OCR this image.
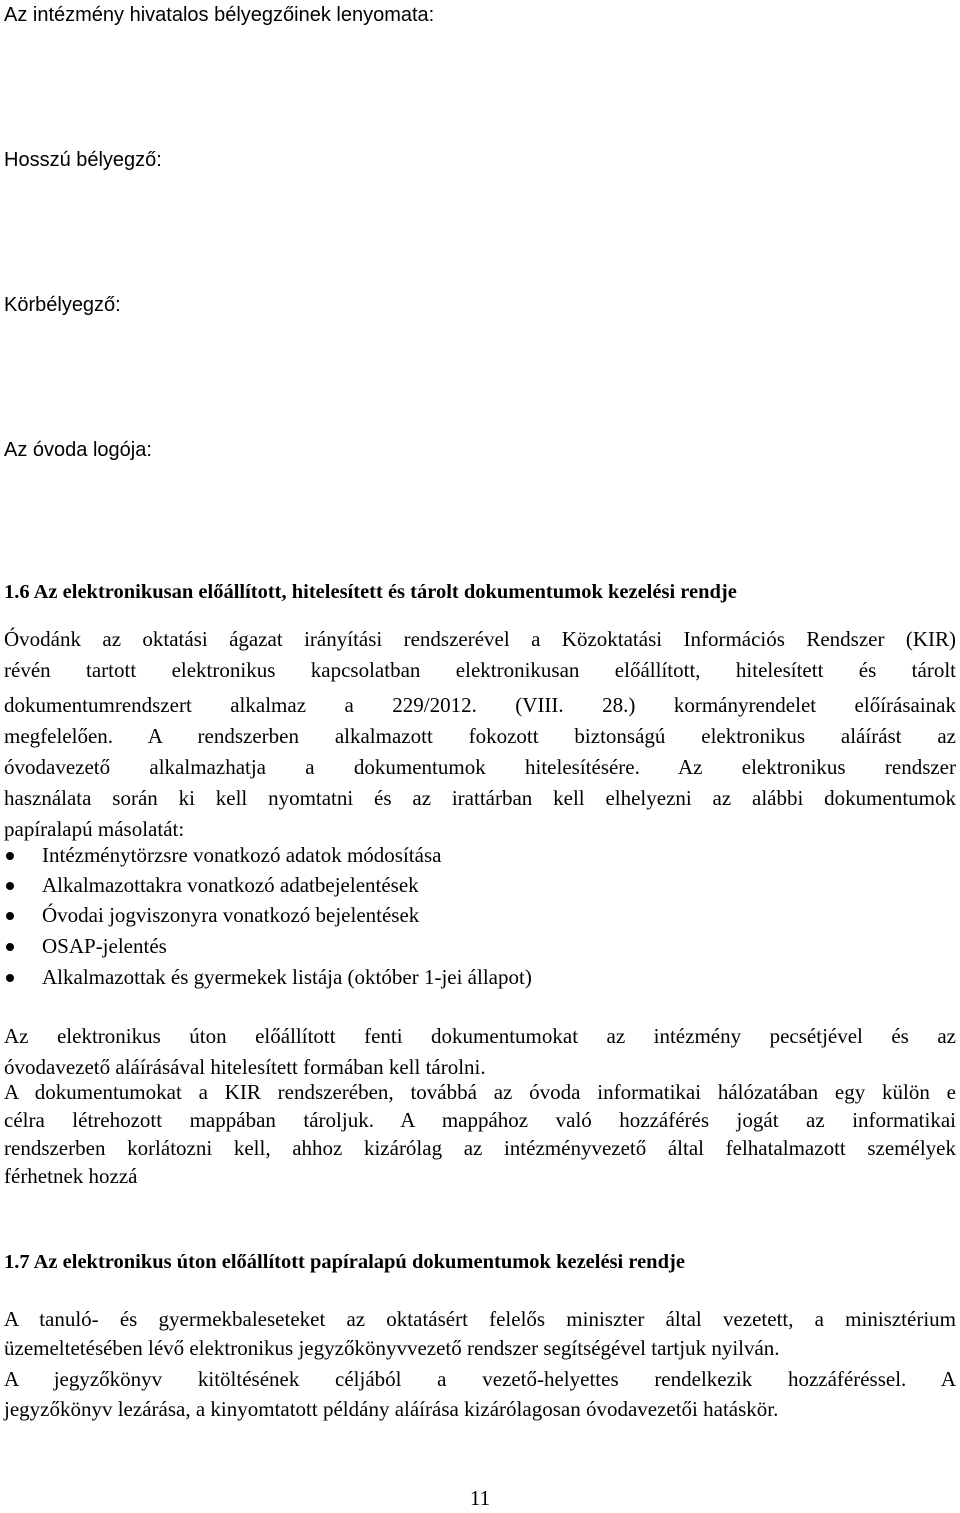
Az intézmény hivatalos bélyegzőinek lenyomata:
Hosszú bélyegző:
Körbélyegző:
Az óvoda logója:
1.6 Az elektronikusan előállított, hitelesített és tárolt dokumentumok kezelési rendje
Óvodánk az oktatási ágazat irányítási rendszerével a Közoktatási Információs Rendszer (KIR)
révén tartott elektronikus kapcsolatban elektronikusan előállított, hitelesített és tárolt
dokumentumrendszert alkalmaz a 229/2012. (VIII. 28.) kormányrendelet előírásainak
megfelelően. A rendszerben alkalmazott fokozott biztonságú elektronikus aláírást az
óvodavezető alkalmazhatja a dokumentumok hitelesítésére. Az elektronikus rendszer
használata során ki kell nyomtatni és az irattárban kell elhelyezni az alábbi dokumentumok
papíralapú másolatát:
Intézménytörzsre vonatkozó adatok módosítása
Alkalmazottakra vonatkozó adatbejelentések
Óvodai jogviszonyra vonatkozó bejelentések
OSAP-jelentés
Alkalmazottak és gyermekek listája (október 1-jei állapot)
Az elektronikus úton előállított fenti dokumentumokat az intézmény pecsétjével és az
óvodavezető aláírásával hitelesített formában kell tárolni.
A dokumentumokat a KIR rendszerében, továbbá az óvoda informatikai hálózatában egy külön e
célra létrehozott mappában tároljuk. A mappához való hozzáférés jogát az informatikai
rendszerben korlátozni kell, ahhoz kizárólag az intézményvezető által felhatalmazott személyek
férhetnek hozzá
1.7 Az elektronikus úton előállított papíralapú dokumentumok kezelési rendje
A tanuló- és gyermekbaleseteket az oktatásért felelős miniszter által vezetett, a minisztérium
üzemeltetésében lévő elektronikus jegyzőkönyvvezető rendszer segítségével tartjuk nyilván.
A jegyzőkönyv kitöltésének céljából a vezető-helyettes rendelkezik hozzáféréssel. A
jegyzőkönyv lezárása, a kinyomtatott példány aláírása kizárólagosan óvodavezetői hatáskör.
11
